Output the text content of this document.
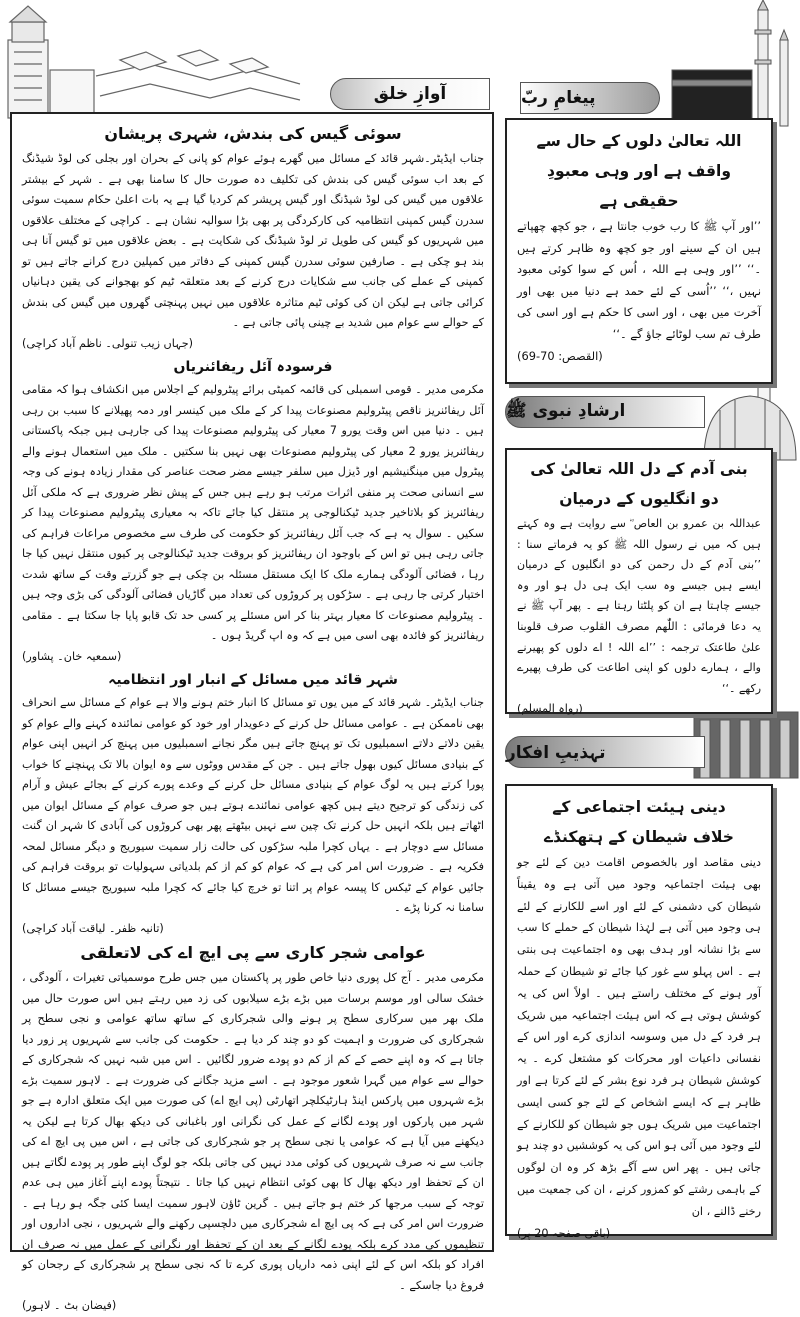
آوازِ خلق	پیغامِ ربّ
ارشادِ نبوی ﷺ
تہذیبِ افکار
سوئی گیس کی بندش، شہری پریشان

جناب ایڈیٹر۔شہر قائد کے مسائل میں گھرے ہوئے عوام کو پانی کے بحران اور بجلی کی لوڈ شیڈنگ کے بعد اب سوئی گیس کی بندش کی تکلیف دہ صورت حال کا سامنا بھی ہے ۔ شہر کے بیشتر علاقوں میں گیس کی لوڈ شیڈنگ اور گیس پریشر کم کردیا گیا ہے یہ بات اعلیٰ حکام سمیت سوئی سدرن گیس کمپنی انتظامیہ کی کارکردگی پر بھی بڑا سوالیہ نشان ہے ۔ کراچی کے مختلف علاقوں میں شہریوں کو گیس کی طویل تر لوڈ شیڈنگ کی شکایت ہے ۔ بعض علاقوں میں تو گیس آنا ہی بند ہو چکی ہے ۔ صارفین سوئی سدرن گیس کمپنی کے دفاتر میں کمپلین درج کرانے جاتے ہیں تو کمپنی کے عملے کی جانب سے شکایات درج کرنے کے بعد متعلقہ ٹیم کو بھجوانے کی یقین دہانیاں کرائی جاتی ہے لیکن ان کی کوئی ٹیم متاثرہ علاقوں میں نہیں پہنچتی گھروں میں گیس کی بندش کے حوالے سے عوام میں شدید بے چینی پائی جاتی ہے ۔

(جہاں زیب تنولی۔ ناظم آباد کراچی)

فرسودہ آئل ریفائنریاں

مکرمی مدیر ۔ قومی اسمبلی کی قائمہ کمیٹی برائے پیٹرولیم کے اجلاس میں انکشاف ہوا کہ مقامی آئل ریفائنریز ناقص پیٹرولیم مصنوعات پیدا کر کے ملک میں کینسر اور دمہ پھیلانے کا سبب بن رہی ہیں ۔ دنیا میں اس وقت یورو 7 معیار کی پیٹرولیم مصنوعات پیدا کی جارہی ہیں جبکہ پاکستانی ریفائنریز یورو 2 معیار کی پیٹرولیم مصنوعات بھی نہیں بنا سکتیں ۔ ملک میں استعمال ہونے والے پیٹرول میں مینگنیشیم اور ڈیزل میں سلفر جیسے مضر صحت عناصر کی مقدار زیادہ ہونے کی وجہ سے انسانی صحت پر منفی اثرات مرتب ہو رہے ہیں جس کے پیش نظر ضروری ہے کہ ملکی آئل ریفائنریز کو بلاتاخیر جدید ٹیکنالوجی پر منتقل کیا جائے تاکہ بہ معیاری پیٹرولیم مصنوعات پیدا کر سکیں ۔ سوال یہ ہے کہ جب آئل ریفائنریز کو حکومت کی طرف سے مخصوص مراعات فراہم کی جاتی رہی ہیں تو اس کے باوجود ان ریفائنریز کو بروقت جدید ٹیکنالوجی پر کیوں منتقل نہیں کیا جا رہا ، فضائی آلودگی ہمارے ملک کا ایک مستقل مسئلہ بن چکی ہے جو گزرتے وقت کے ساتھ شدت اختیار کرتی جا رہی ہے ۔ سڑکوں پر کروڑوں کی تعداد میں گاڑیاں فضائی آلودگی کی بڑی وجہ ہیں ۔ پیٹرولیم مصنوعات کا معیار بہتر بنا کر اس مسئلے پر کسی حد تک قابو پایا جا سکتا ہے ۔ مقامی ریفائنریز کو فائدہ بھی اسی میں ہے کہ وہ اپ گریڈ ہوں ۔

(سمعیہ خان۔ پشاور)

شہر قائد میں مسائل کے انبار اور انتظامیہ

جناب ایڈیٹر۔ شہر قائد کے میں یوں تو مسائل کا انبار ختم ہونے والا ہے عوام کے مسائل سے انحراف بھی ناممکن ہے ۔ عوامی مسائل حل کرنے کے دعویدار اور خود کو عوامی نمائندہ کہنے والے عوام کو یقین دلاتے دلاتے اسمبلیوں تک تو پہنچ جاتے ہیں مگر نجانے اسمبلیوں میں پہنچ کر انہیں اپنی عوام کے بنیادی مسائل کیوں بھول جاتے ہیں ۔ جن کے مقدس ووٹوں سے وہ ایوان بالا تک پہنچنے کا خواب پورا کرتے ہیں یہ لوگ عوام کے بنیادی مسائل حل کرنے کے وعدے پورے کرنے کے بجائے عیش و آرام کی زندگی کو ترجیح دیتے ہیں کچھ عوامی نمائندے ہوتے ہیں جو صرف عوام کے مسائل ایوان میں اٹھاتے ہیں بلکہ انہیں حل کرنے تک چین سے نہیں بیٹھتے پھر بھی کروڑوں کی آبادی کا شہر ان گنت مسائل سے دوچار ہے ۔ یہاں کچرا ملبہ سڑکوں کی حالت زار سمیت سیوریج و دیگر مسائل لمحہ فکریہ ہے ۔ ضرورت اس امر کی ہے کہ عوام کو کم از کم بلدیاتی سہولیات تو بروقت فراہم کی جائیں عوام کے ٹیکس کا پیسہ عوام پر اتنا تو خرچ کیا جائے کہ کچرا ملبہ سیوریج جیسے مسائل کا سامنا نہ کرنا پڑے ۔

(تانیہ ظفر۔ لیاقت آباد کراچی)

عوامی شجر کاری سے پی ایچ اے کی لاتعلقی

مکرمی مدیر ۔ آج کل پوری دنیا خاص طور پر پاکستان میں جس طرح موسمیاتی تغیرات ، آلودگی ، خشک سالی اور موسم برسات میں بڑے بڑے سیلابوں کی زد میں رہتے ہیں اس صورت حال میں ملک بھر میں سرکاری سطح پر ہونے والی شجرکاری کے ساتھ ساتھ عوامی و نجی سطح پر شجرکاری کی ضرورت و اہمیت کو دو چند کر دیا ہے ۔ حکومت کی جانب سے شہریوں پر زور دیا جاتا ہے کہ وہ اپنے حصے کے کم از کم دو پودے ضرور لگائیں ۔ اس میں شبہ نہیں کہ شجرکاری کے حوالے سے عوام میں گہرا شعور موجود ہے ۔ اسے مزید جگانے کی ضرورت ہے ۔ لاہور سمیت بڑے بڑے شہروں میں پارکس اینڈ ہارٹیکلچر اتھارٹی (پی ایچ اے) کی صورت میں ایک متعلق ادارہ ہے جو شہر میں پارکوں اور پودے لگانے کے عمل کی نگرانی اور باغبانی کی دیکھ بھال کرتا ہے لیکن یہ دیکھنے میں آیا ہے کہ عوامی یا نجی سطح پر جو شجرکاری کی جاتی ہے ، اس میں پی ایچ اے کی جانب سے نہ صرف شہریوں کی کوئی مدد نہیں کی جاتی بلکہ جو لوگ اپنے طور پر پودے لگاتے ہیں ان کے تحفظ اور دیکھ بھال کا بھی کوئی انتظام نہیں کیا جاتا ۔ نتیجتاً پودے اپنے آغاز میں ہی عدم توجہ کے سبب مرجھا کر ختم ہو جاتے ہیں ۔ گرین ٹاؤن لاہور سمیت ایسا کئی جگہ ہو رہا ہے ۔ ضرورت اس امر کی ہے کہ پی ایچ اے شجرکاری میں دلچسپی رکھنے والے شہریوں ، نجی اداروں اور تنظیموں کی مدد کرے بلکہ پودے لگانے کے بعد ان کے تحفظ اور نگرانی کے عمل میں نہ صرف ان افراد کو بلکہ اس کے لئے اپنی ذمہ داریاں پوری کرے تا کہ نجی سطح پر شجرکاری کے رجحان کو فروغ دیا جاسکے ۔

(فیضان بٹ ۔ لاہور)

اللہ تعالیٰ دلوں کے حال سے
واقف ہے اور وہی معبودِ حقیقی ہے

’’اور آپ ﷺ کا رب خوب جانتا ہے ، جو کچھ چھپاتے ہیں ان کے سینے اور جو کچھ وہ ظاہر کرتے ہیں ۔‘‘ ’’اور وہی ہے اللہ ، اُس کے سوا کوئی معبود نہیں ،‘‘ ’’اُسی کے لئے حمد ہے دنیا میں بھی اور آخرت میں بھی ، اور اسی کا حکم ہے اور اسی کی طرف تم سب لوٹائے جاؤ گے ۔‘‘

(القصص: 70-69)

بنی آدم کے دل اللہ تعالیٰ کی
دو انگلیوں کے درمیان

عبداللہ بن عمرو بن العاص ؓ سے روایت ہے وہ کہتے ہیں کہ میں نے رسول اللہ ﷺ کو یہ فرماتے سنا : ’’بنی آدم کے دل رحمن کی دو انگلیوں کے درمیان ایسے ہیں جیسے وہ سب ایک ہی دل ہو اور وہ جیسے چاہتا ہے ان کو پلٹتا رہتا ہے ۔ پھر آپ ﷺ نے یہ دعا فرمائی : اللّٰھم مصرف القلوب صرف قلوبنا علیٰ طاعتک ترجمہ : ’’اے اللہ ! اے دلوں کو پھیرنے والے ، ہمارے دلوں کو اپنی اطاعت کی طرف پھیرے رکھے ۔‘‘

(رواہ المسلم)

دینی ہیئت اجتماعی کے
خلاف شیطان کے ہتھکنڈے

دینی مقاصد اور بالخصوص اقامت دین کے لئے جو بھی ہیئت اجتماعیہ وجود میں آتی ہے وہ یقیناً شیطان کی دشمنی کے لئے اور اسے للکارنے کے لئے ہی وجود میں آتی ہے لہٰذا شیطان کے حملے کا سب سے بڑا نشانہ اور ہدف بھی وہ اجتماعیت ہی بنتی ہے ۔ اس پہلو سے غور کیا جائے تو شیطان کے حملہ آور ہونے کے مختلف راستے ہیں ۔ اولاً اس کی یہ کوشش ہوتی ہے کہ اس ہیئت اجتماعیہ میں شریک ہر فرد کے دل میں وسوسہ اندازی کرے اور اس کے نفسانی داعیات اور محرکات کو مشتعل کرے ۔ یہ کوشش شیطان ہر فرد نوع بشر کے لئے کرتا ہے اور ظاہر ہے کہ ایسے اشخاص کے لئے جو کسی ایسی اجتماعیت میں شریک ہوں جو شیطان کو للکارنے کے لئے وجود میں آئی ہو اس کی یہ کوششیں دو چند ہو جاتی ہیں ۔ پھر اس سے آگے بڑھ کر وہ ان لوگوں کے باہمی رشتے کو کمزور کرنے ، ان کی جمعیت میں رخنے ڈالنے ، ان

(باقی صفحہ 20 پر)
